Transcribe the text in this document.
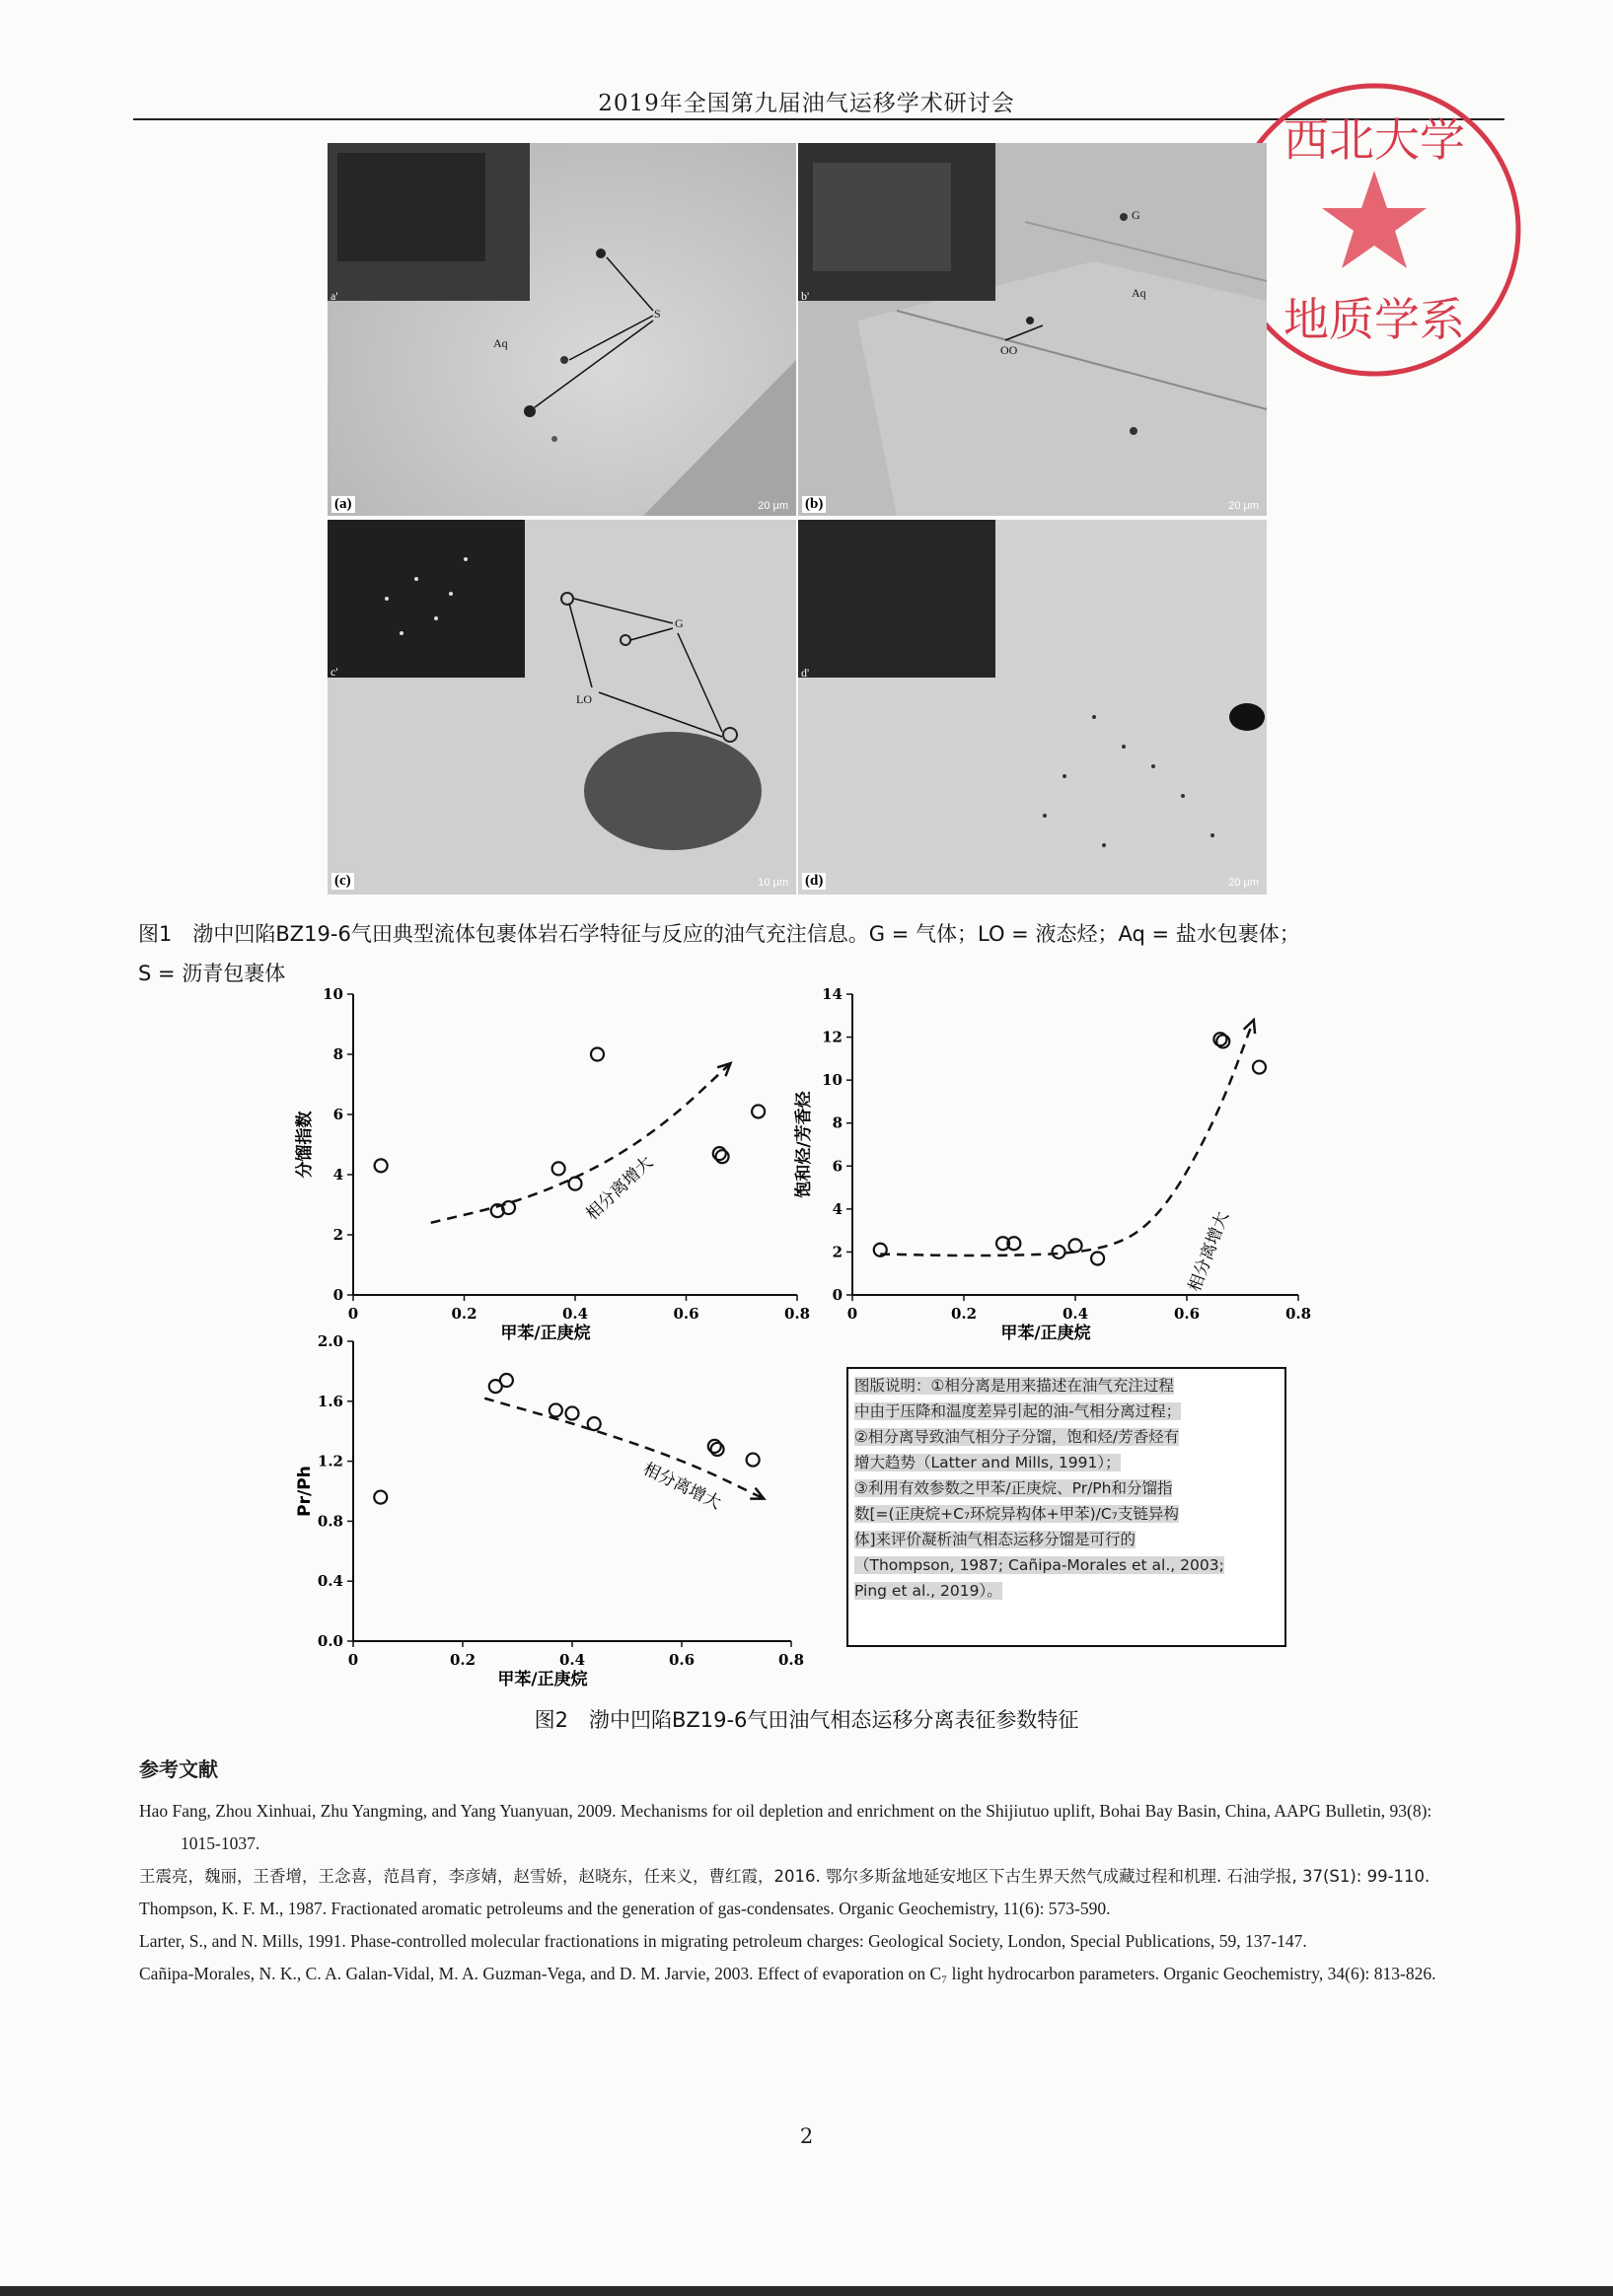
2019年全国第九届油气运移学术研讨会
西北大学
地质学系
a'
S
Aq
20 μm
(a)
b'
G
Aq
OO
20 μm
(b)
c'
G
LO
10 μm
(c)
d'
20 μm
(d)
图1　渤中凹陷BZ19-6气田典型流体包裹体岩石学特征与反应的油气充注信息。G = 气体；LO = 液态烃；Aq = 盐水包裹体；
S = 沥青包裹体
0	0.2	0.4	0.6	0.8
0
2
4
6
8
10
甲苯/正庚烷
分馏指数
相分离增大
0	0.2	0.4	0.6	0.8
0
2
4
6
8
10
12
14
甲苯/正庚烷
饱和烃/芳香烃
相分离增大
0	0.2	0.4	0.6	0.8
0.0
0.4
0.8
1.2
1.6
2.0
甲苯/正庚烷
Pr/Ph	相分离增大
图版说明：①相分离是用来描述在油气充注过程
中由于压降和温度差异引起的油-气相分离过程；
②相分离导致油气相分子分馏，饱和烃/芳香烃有
增大趋势（Latter and Mills, 1991）；
③利用有效参数之甲苯/正庚烷、Pr/Ph和分馏指
数[=(正庚烷+C₇环烷异构体+甲苯)/C₇支链异构
体]来评价凝析油气相态运移分馏是可行的
（Thompson, 1987; Cañipa-Morales et al., 2003;
Ping et al., 2019）。
图2　渤中凹陷BZ19-6气田油气相态运移分离表征参数特征
参考文献
Hao Fang, Zhou Xinhuai, Zhu Yangming, and Yang Yuanyuan, 2009. Mechanisms for oil depletion and enrichment on the Shijiutuo uplift, Bohai Bay Basin, China, AAPG Bulletin, 93(8): 1015-1037.
王震亮，魏丽，王香增，王念喜，范昌育，李彦婧，赵雪娇，赵晓东，任来义，曹红霞，2016. 鄂尔多斯盆地延安地区下古生界天然气成藏过程和机理. 石油学报, 37(S1): 99-110.
Thompson, K. F. M., 1987. Fractionated aromatic petroleums and the generation of gas-condensates. Organic Geochemistry, 11(6): 573-590.
Larter, S., and N. Mills, 1991. Phase-controlled molecular fractionations in migrating petroleum charges: Geological Society, London, Special Publications, 59, 137-147.
Cañipa-Morales, N. K., C. A. Galan-Vidal, M. A. Guzman-Vega, and D. M. Jarvie, 2003. Effect of evaporation on C₇ light hydrocarbon parameters. Organic Geochemistry, 34(6): 813-826.
2
